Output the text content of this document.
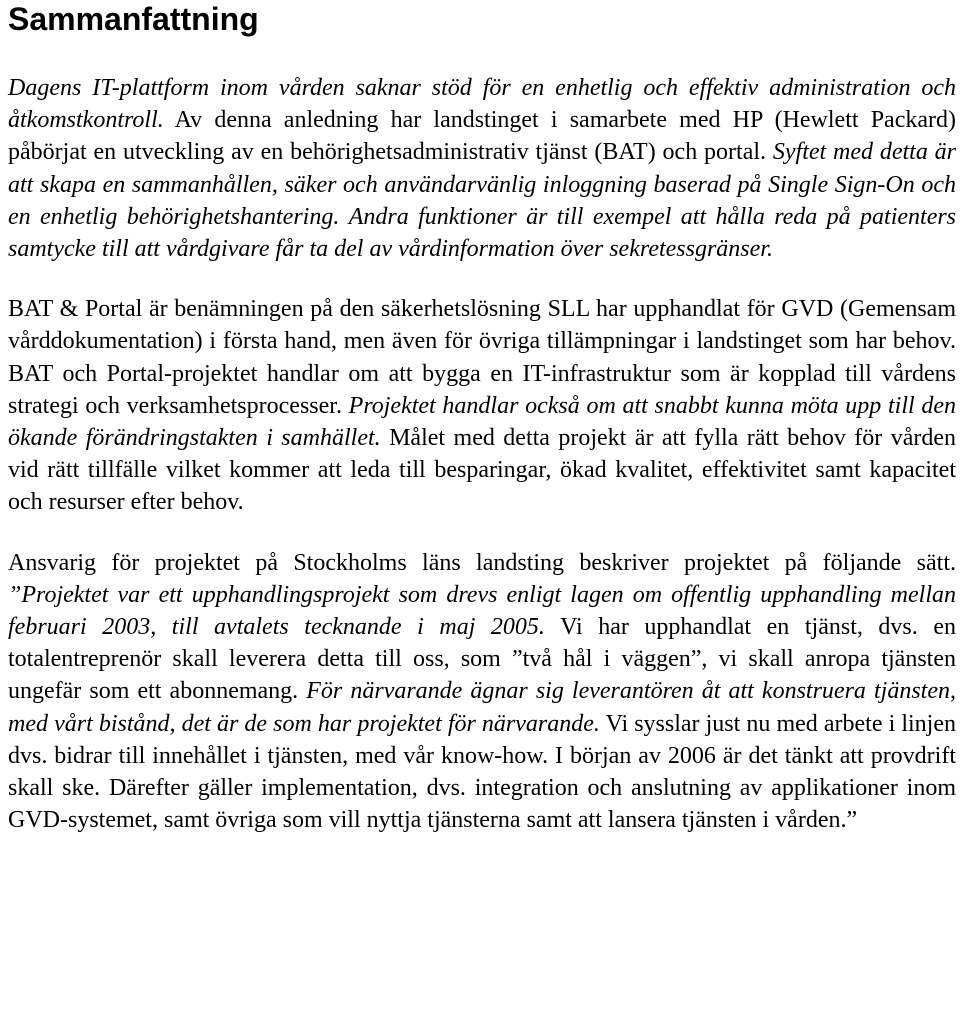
Sammanfattning

Dagens IT-plattform inom vården saknar stöd för en enhetlig och effektiv administration och åtkomstkontroll. Av denna anledning har landstinget i samarbete med HP (Hewlett Packard) påbörjat en utveckling av en behörighetsadministrativ tjänst (BAT) och portal. Syftet med detta är att skapa en sammanhållen, säker och användarvänlig inloggning baserad på Single Sign-On och en enhetlig behörighetshantering. Andra funktioner är till exempel att hålla reda på patienters samtycke till att vårdgivare får ta del av vårdinformation över sekretessgränser.

BAT & Portal är benämningen på den säkerhetslösning SLL har upphandlat för GVD (Gemensam vårddokumentation) i första hand, men även för övriga tillämpningar i landstinget som har behov. BAT och Portal-projektet handlar om att bygga en IT-infrastruktur som är kopplad till vårdens strategi och verksamhetsprocesser. Projektet handlar också om att snabbt kunna möta upp till den ökande förändringstakten i samhället. Målet med detta projekt är att fylla rätt behov för vården vid rätt tillfälle vilket kommer att leda till besparingar, ökad kvalitet, effektivitet samt kapacitet och resurser efter behov.

Ansvarig för projektet på Stockholms läns landsting beskriver projektet på följande sätt. ”Projektet var ett upphandlingsprojekt som drevs enligt lagen om offentlig upphandling mellan februari 2003, till avtalets tecknande i maj 2005. Vi har upphandlat en tjänst, dvs. en totalentreprenör skall leverera detta till oss, som ”två hål i väggen”, vi skall anropa tjänsten ungefär som ett abonnemang. För närvarande ägnar sig leverantören åt att konstruera tjänsten, med vårt bistånd, det är de som har projektet för närvarande. Vi sysslar just nu med arbete i linjen dvs. bidrar till innehållet i tjänsten, med vår know-how. I början av 2006 är det tänkt att provdrift skall ske. Därefter gäller implementation, dvs. integration och anslutning av applikationer inom GVD-systemet, samt övriga som vill nyttja tjänsterna samt att lansera tjänsten i vården.”
